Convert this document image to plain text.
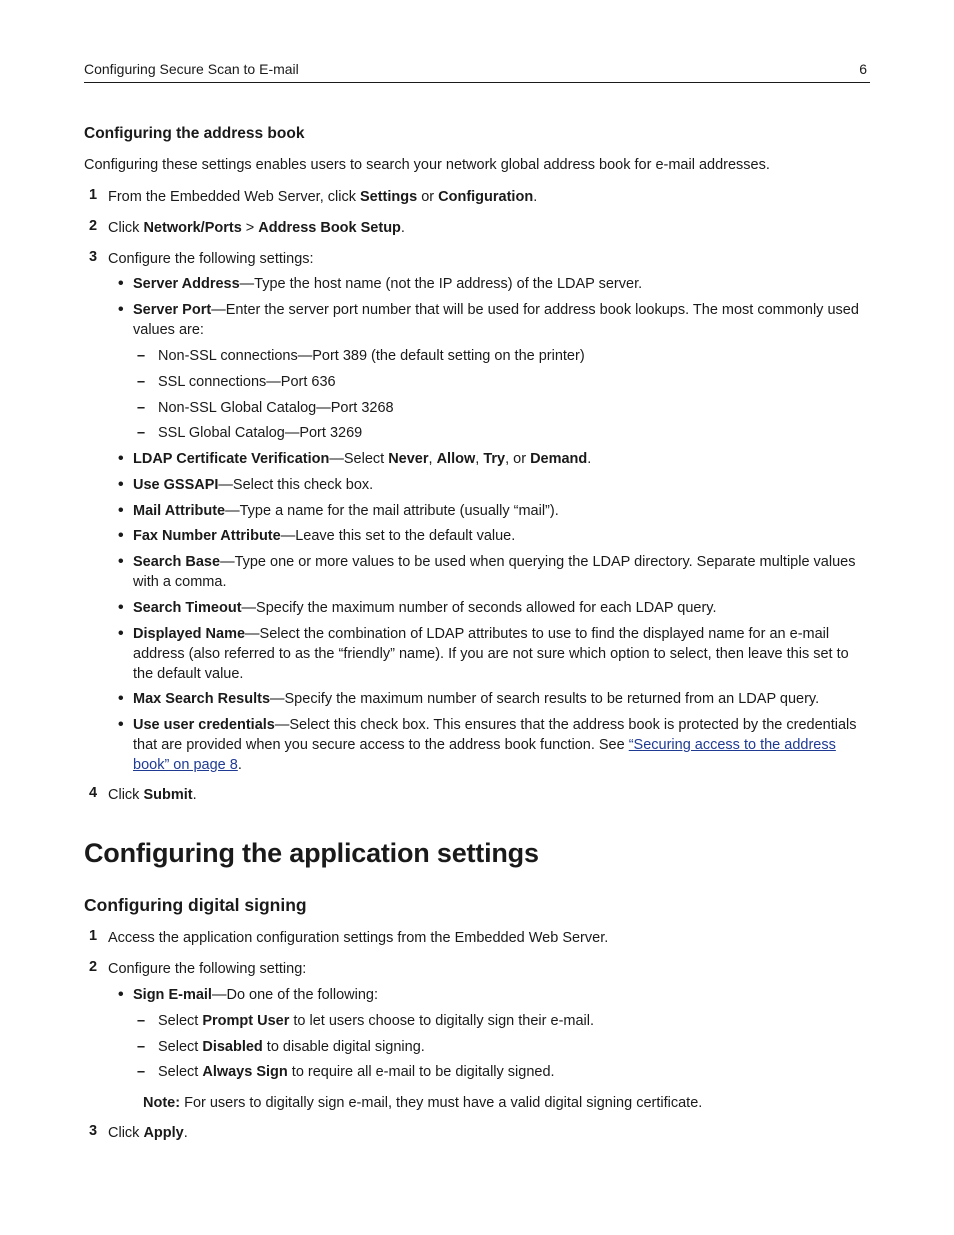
Configuring Secure Scan to E-mail	6
Configuring the address book
Configuring these settings enables users to search your network global address book for e-mail addresses.
1 From the Embedded Web Server, click Settings or Configuration.
2 Click Network/Ports > Address Book Setup.
3 Configure the following settings:
• Server Address—Type the host name (not the IP address) of the LDAP server.
• Server Port—Enter the server port number that will be used for address book lookups. The most commonly used values are:
– Non-SSL connections—Port 389 (the default setting on the printer)
– SSL connections—Port 636
– Non-SSL Global Catalog—Port 3268
– SSL Global Catalog—Port 3269
• LDAP Certificate Verification—Select Never, Allow, Try, or Demand.
• Use GSSAPI—Select this check box.
• Mail Attribute—Type a name for the mail attribute (usually “mail”).
• Fax Number Attribute—Leave this set to the default value.
• Search Base—Type one or more values to be used when querying the LDAP directory. Separate multiple values with a comma.
• Search Timeout—Specify the maximum number of seconds allowed for each LDAP query.
• Displayed Name—Select the combination of LDAP attributes to use to find the displayed name for an e-mail address (also referred to as the “friendly” name). If you are not sure which option to select, then leave this set to the default value.
• Max Search Results—Specify the maximum number of search results to be returned from an LDAP query.
• Use user credentials—Select this check box. This ensures that the address book is protected by the credentials that are provided when you secure access to the address book function. See “Securing access to the address book” on page 8.
4 Click Submit.
Configuring the application settings
Configuring digital signing
1 Access the application configuration settings from the Embedded Web Server.
2 Configure the following setting:
• Sign E-mail—Do one of the following:
– Select Prompt User to let users choose to digitally sign their e-mail.
– Select Disabled to disable digital signing.
– Select Always Sign to require all e-mail to be digitally signed.
Note: For users to digitally sign e-mail, they must have a valid digital signing certificate.
3 Click Apply.
